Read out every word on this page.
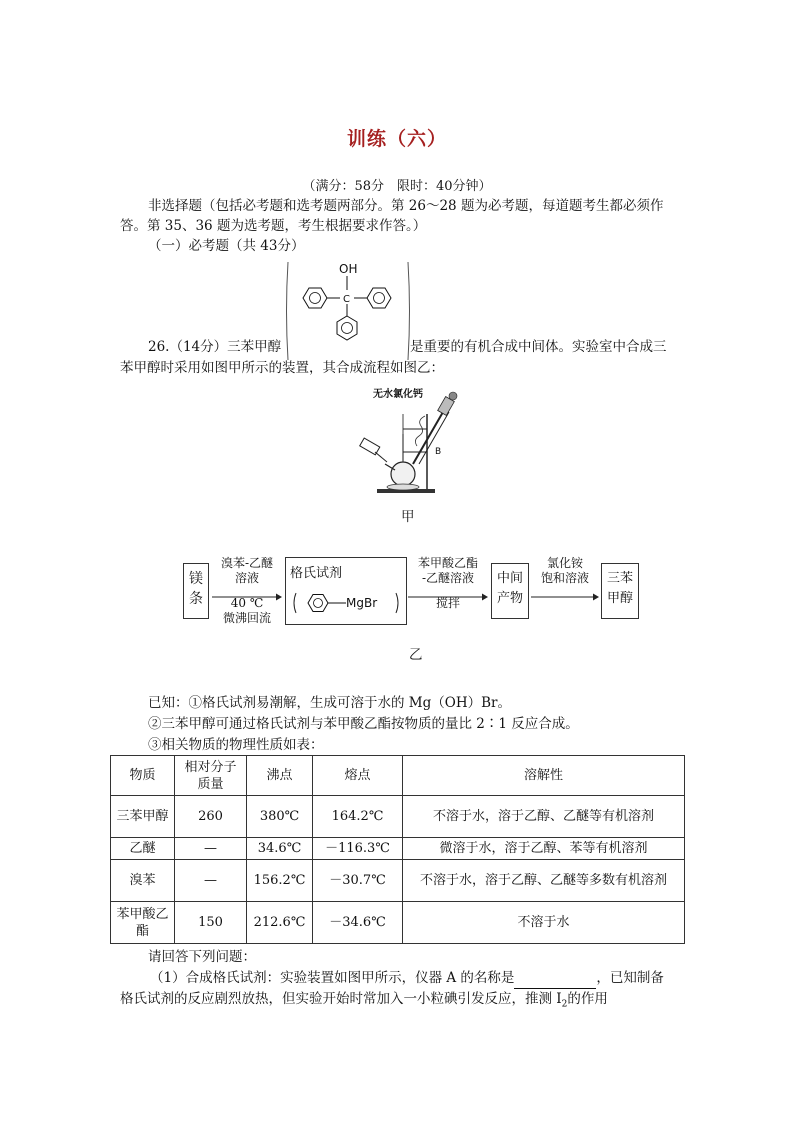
训练（六）
（满分：58分　限时：40分钟）
非选择题（包括必考题和选考题两部分。第 26～28 题为必考题，每道题考生都必须作
答。第 35、36 题为选考题，考生根据要求作答。）
（一）必考题（共 43分）
OH
C
26.（14分）三苯甲醇	是重要的有机合成中间体。实验室中合成三
苯甲醇时采用如图甲所示的装置，其合成流程如图乙：
无水氯化钙
B
甲
镁
条
溴苯-乙醚
溶液
40 ℃
微沸回流
格氏试剂
MgBr
苯甲酸乙酯
-乙醚溶液
搅拌
中间
产物
氯化铵
饱和溶液	三苯
甲醇
乙
已知：①格氏试剂易潮解，生成可溶于水的 Mg（OH）Br。
②三苯甲醇可通过格氏试剂与苯甲酸乙酯按物质的量比 2∶1 反应合成。
③相关物质的物理性质如表：
物质	相对分子质量	沸点	熔点	溶解性
三苯甲醇	260	380℃	164.2℃	不溶于水，溶于乙醇、乙醚等有机溶剂
乙醚	—	34.6℃	－116.3℃	微溶于水，溶于乙醇、苯等有机溶剂
溴苯	—	156.2℃	－30.7℃	不溶于水，溶于乙醇、乙醚等多数有机溶剂
苯甲酸乙酯	150	212.6℃	－34.6℃	不溶于水
请回答下列问题：
（1）合成格氏试剂：实验装置如图甲所示，仪器 A 的名称是	，已知制备
格氏试剂的反应剧烈放热，但实验开始时常加入一小粒碘引发反应，推测 $I_2$的作用
